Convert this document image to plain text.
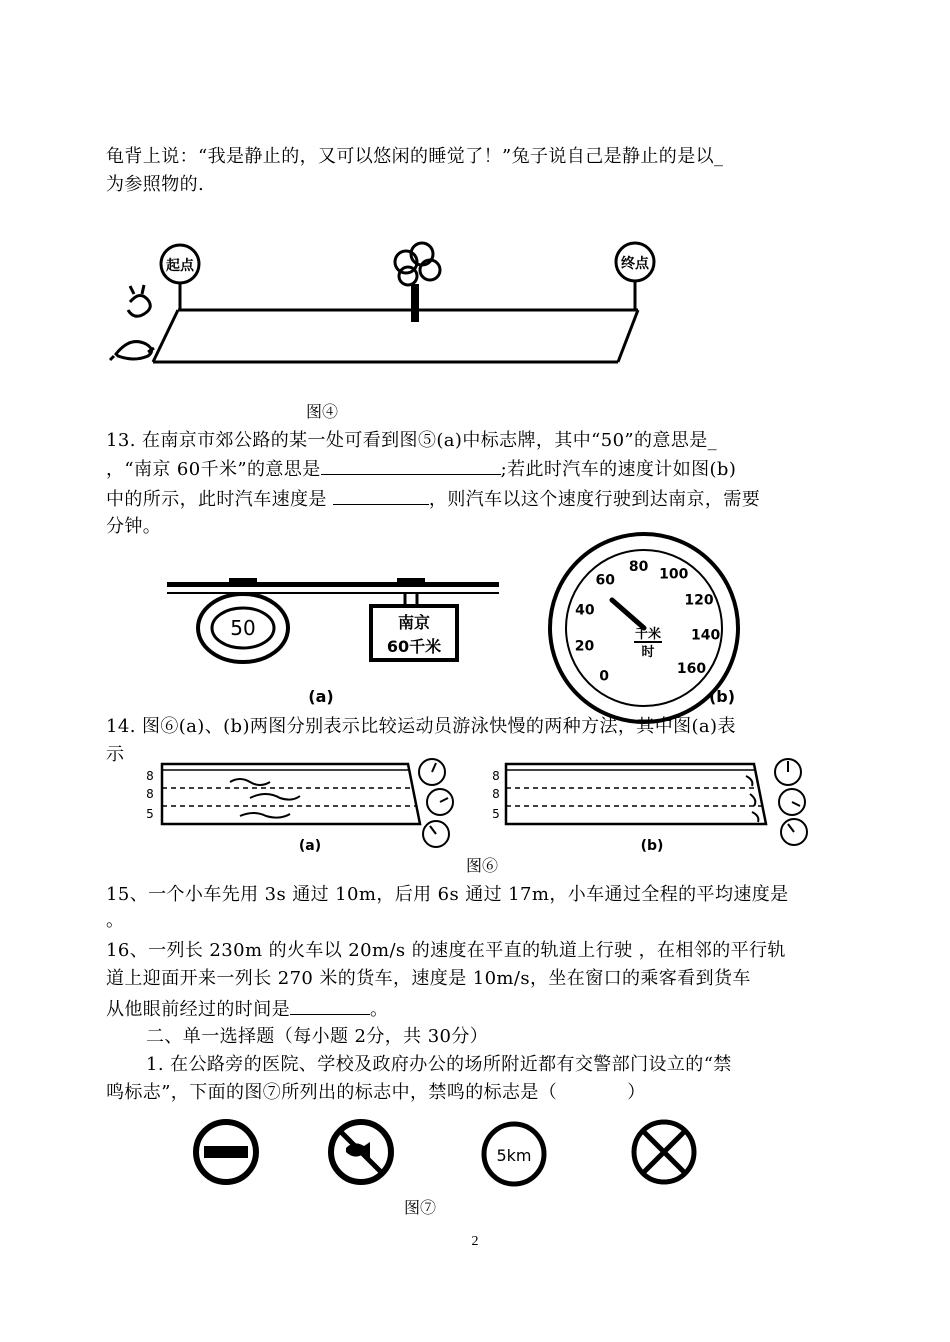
龟背上说：“我是静止的，又可以悠闲的睡觉了！”兔子说自己是静止的是以_
为参照物的.
起点	终点
图④
13. 在南京市郊公路的某一处可看到图⑤(a)中标志牌，其中“50”的意思是_
，“南京 60千米”的意思是	;若此时汽车的速度计如图(b)
中的所示，此时汽车速度是	，则汽车以这个速度行驶到达南京，需要
分钟。
50	南京
60千米
(a)
0
20
40
60
80 100
120
140
160
千米
时
(b)
14. 图⑥(a)、(b)两图分别表示比较运动员游泳快慢的两种方法，其中图(a)表
示
8
8
5
(a)
8
8
5
(b)
图⑥
15、一个小车先用 3s 通过 10m，后用 6s 通过 17m，小车通过全程的平均速度是
。
16、一列长 230m 的火车以 20m/s 的速度在平直的轨道上行驶 ，在相邻的平行轨
道上迎面开来一列长 270 米的货车，速度是 10m/s，坐在窗口的乘客看到货车
从他眼前经过的时间是	。
二、单一选择题（每小题 2分，共 30分）
1. 在公路旁的医院、学校及政府办公的场所附近都有交警部门设立的“禁
鸣标志”，下面的图⑦所列出的标志中，禁鸣的标志是（	）
5km
图⑦
2
